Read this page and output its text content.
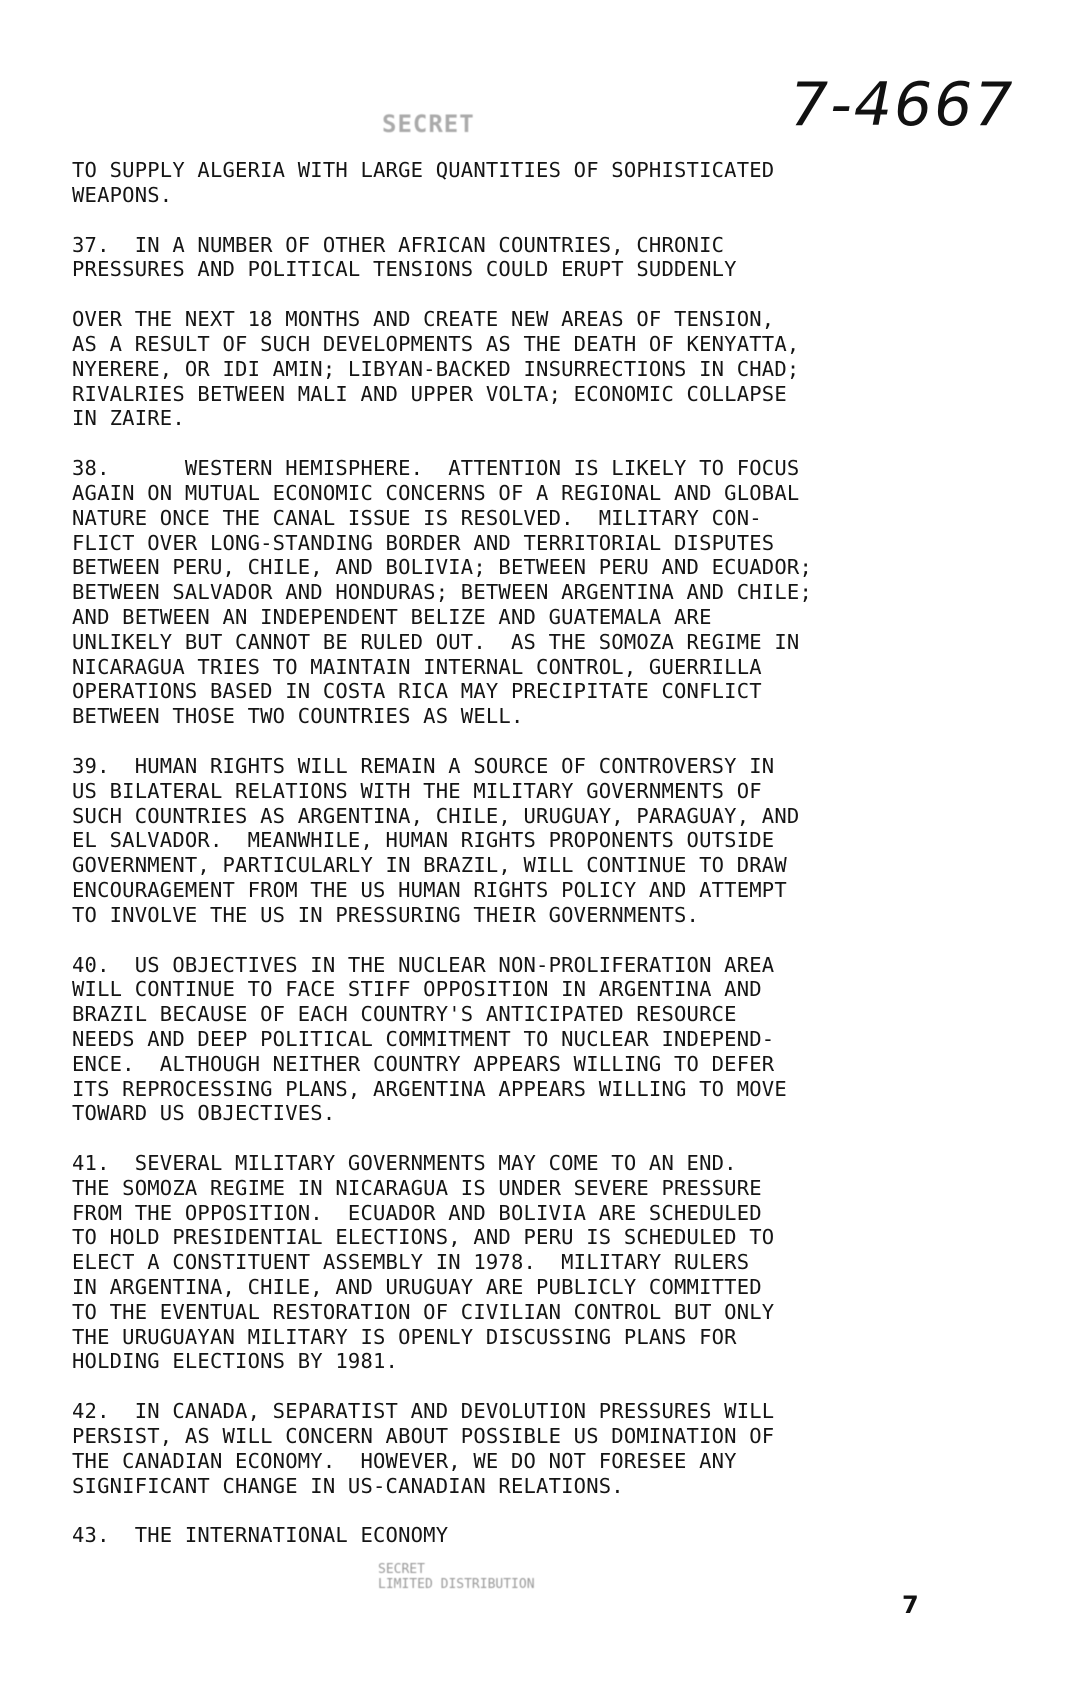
7-4667
SECRET
TO SUPPLY ALGERIA WITH LARGE QUANTITIES OF SOPHISTICATED
WEAPONS.
37.  IN A NUMBER OF OTHER AFRICAN COUNTRIES, CHRONIC
PRESSURES AND POLITICAL TENSIONS COULD ERUPT SUDDENLY
OVER THE NEXT 18 MONTHS AND CREATE NEW AREAS OF TENSION,
AS A RESULT OF SUCH DEVELOPMENTS AS THE DEATH OF KENYATTA,
NYERERE, OR IDI AMIN; LIBYAN-BACKED INSURRECTIONS IN CHAD;
RIVALRIES BETWEEN MALI AND UPPER VOLTA; ECONOMIC COLLAPSE
IN ZAIRE.
38.      WESTERN HEMISPHERE.  ATTENTION IS LIKELY TO FOCUS
AGAIN ON MUTUAL ECONOMIC CONCERNS OF A REGIONAL AND GLOBAL
NATURE ONCE THE CANAL ISSUE IS RESOLVED.  MILITARY CON-
FLICT OVER LONG-STANDING BORDER AND TERRITORIAL DISPUTES
BETWEEN PERU, CHILE, AND BOLIVIA; BETWEEN PERU AND ECUADOR;
BETWEEN SALVADOR AND HONDURAS; BETWEEN ARGENTINA AND CHILE;
AND BETWEEN AN INDEPENDENT BELIZE AND GUATEMALA ARE
UNLIKELY BUT CANNOT BE RULED OUT.  AS THE SOMOZA REGIME IN
NICARAGUA TRIES TO MAINTAIN INTERNAL CONTROL, GUERRILLA
OPERATIONS BASED IN COSTA RICA MAY PRECIPITATE CONFLICT
BETWEEN THOSE TWO COUNTRIES AS WELL.
39.  HUMAN RIGHTS WILL REMAIN A SOURCE OF CONTROVERSY IN
US BILATERAL RELATIONS WITH THE MILITARY GOVERNMENTS OF
SUCH COUNTRIES AS ARGENTINA, CHILE, URUGUAY, PARAGUAY, AND
EL SALVADOR.  MEANWHILE, HUMAN RIGHTS PROPONENTS OUTSIDE
GOVERNMENT, PARTICULARLY IN BRAZIL, WILL CONTINUE TO DRAW
ENCOURAGEMENT FROM THE US HUMAN RIGHTS POLICY AND ATTEMPT
TO INVOLVE THE US IN PRESSURING THEIR GOVERNMENTS.
40.  US OBJECTIVES IN THE NUCLEAR NON-PROLIFERATION AREA
WILL CONTINUE TO FACE STIFF OPPOSITION IN ARGENTINA AND
BRAZIL BECAUSE OF EACH COUNTRY'S ANTICIPATED RESOURCE
NEEDS AND DEEP POLITICAL COMMITMENT TO NUCLEAR INDEPEND-
ENCE.  ALTHOUGH NEITHER COUNTRY APPEARS WILLING TO DEFER
ITS REPROCESSING PLANS, ARGENTINA APPEARS WILLING TO MOVE
TOWARD US OBJECTIVES.
41.  SEVERAL MILITARY GOVERNMENTS MAY COME TO AN END.
THE SOMOZA REGIME IN NICARAGUA IS UNDER SEVERE PRESSURE
FROM THE OPPOSITION.  ECUADOR AND BOLIVIA ARE SCHEDULED
TO HOLD PRESIDENTIAL ELECTIONS, AND PERU IS SCHEDULED TO
ELECT A CONSTITUENT ASSEMBLY IN 1978.  MILITARY RULERS
IN ARGENTINA, CHILE, AND URUGUAY ARE PUBLICLY COMMITTED
TO THE EVENTUAL RESTORATION OF CIVILIAN CONTROL BUT ONLY
THE URUGUAYAN MILITARY IS OPENLY DISCUSSING PLANS FOR
HOLDING ELECTIONS BY 1981.
42.  IN CANADA, SEPARATIST AND DEVOLUTION PRESSURES WILL
PERSIST, AS WILL CONCERN ABOUT POSSIBLE US DOMINATION OF
THE CANADIAN ECONOMY.  HOWEVER, WE DO NOT FORESEE ANY
SIGNIFICANT CHANGE IN US-CANADIAN RELATIONS.
43.  THE INTERNATIONAL ECONOMY
SECRET
LIMITED DISTRIBUTION
7
